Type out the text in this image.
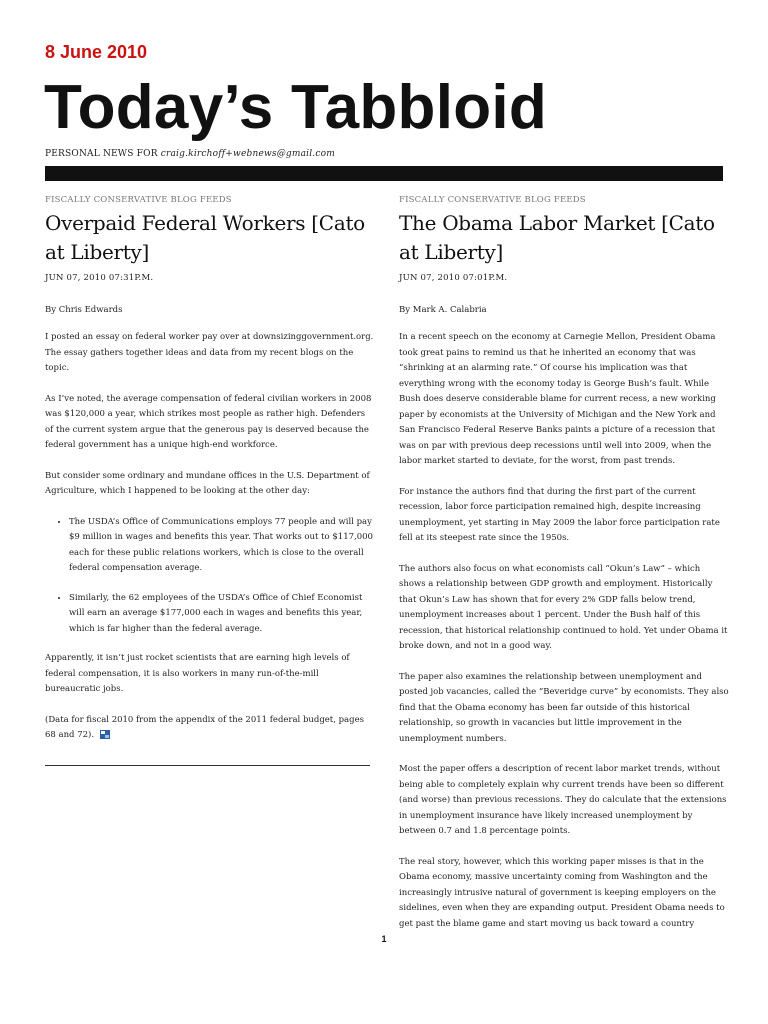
8 June 2010
Today’s Tabbloid
PERSONAL NEWS FOR craig.kirchoff+webnews@gmail.com
FISCALLY CONSERVATIVE BLOG FEEDS
Overpaid Federal Workers [Cato at Liberty]
JUN 07, 2010 07:31P.M.
By Chris Edwards

I posted an essay on federal worker pay over at downsizinggovernment.org. The essay gathers together ideas and data from my recent blogs on the topic.

As I’ve noted, the average compensation of federal civilian workers in 2008 was $120,000 a year, which strikes most people as rather high. Defenders of the current system argue that the generous pay is deserved because the federal government has a unique high-end workforce.

But consider some ordinary and mundane offices in the U.S. Department of Agriculture, which I happened to be looking at the other day:

• The USDA’s Office of Communications employs 77 people and will pay $9 million in wages and benefits this year. That works out to $117,000 each for these public relations workers, which is close to the overall federal compensation average.
• Similarly, the 62 employees of the USDA’s Office of Chief Economist will earn an average $177,000 each in wages and benefits this year, which is far higher than the federal average.

Apparently, it isn’t just rocket scientists that are earning high levels of federal compensation, it is also workers in many run-of-the-mill bureaucratic jobs.

(Data for fiscal 2010 from the appendix of the 2011 federal budget, pages 68 and 72).

FISCALLY CONSERVATIVE BLOG FEEDS
The Obama Labor Market [Cato at Liberty]
JUN 07, 2010 07:01P.M.
By Mark A. Calabria

In a recent speech on the economy at Carnegie Mellon, President Obama took great pains to remind us that he inherited an economy that was “shrinking at an alarming rate.” Of course his implication was that everything wrong with the economy today is George Bush’s fault. While Bush does deserve considerable blame for current recess, a new working paper by economists at the University of Michigan and the New York and San Francisco Federal Reserve Banks paints a picture of a recession that was on par with previous deep recessions until well into 2009, when the labor market started to deviate, for the worst, from past trends.

For instance the authors find that during the first part of the current recession, labor force participation remained high, despite increasing unemployment, yet starting in May 2009 the labor force participation rate fell at its steepest rate since the 1950s.

The authors also focus on what economists call “Okun’s Law” – which shows a relationship between GDP growth and employment. Historically that Okun’s Law has shown that for every 2% GDP falls below trend, unemployment increases about 1 percent. Under the Bush half of this recession, that historical relationship continued to hold. Yet under Obama it broke down, and not in a good way.

The paper also examines the relationship between unemployment and posted job vacancies, called the “Beveridge curve” by economists. They also find that the Obama economy has been far outside of this historical relationship, so growth in vacancies but little improvement in the unemployment numbers.

Most the paper offers a description of recent labor market trends, without being able to completely explain why current trends have been so different (and worse) than previous recessions. They do calculate that the extensions in unemployment insurance have likely increased unemployment by between 0.7 and 1.8 percentage points.

The real story, however, which this working paper misses is that in the Obama economy, massive uncertainty coming from Washington and the increasingly intrusive natural of government is keeping employers on the sidelines, even when they are expanding output. President Obama needs to get past the blame game and start moving us back toward a country

1
